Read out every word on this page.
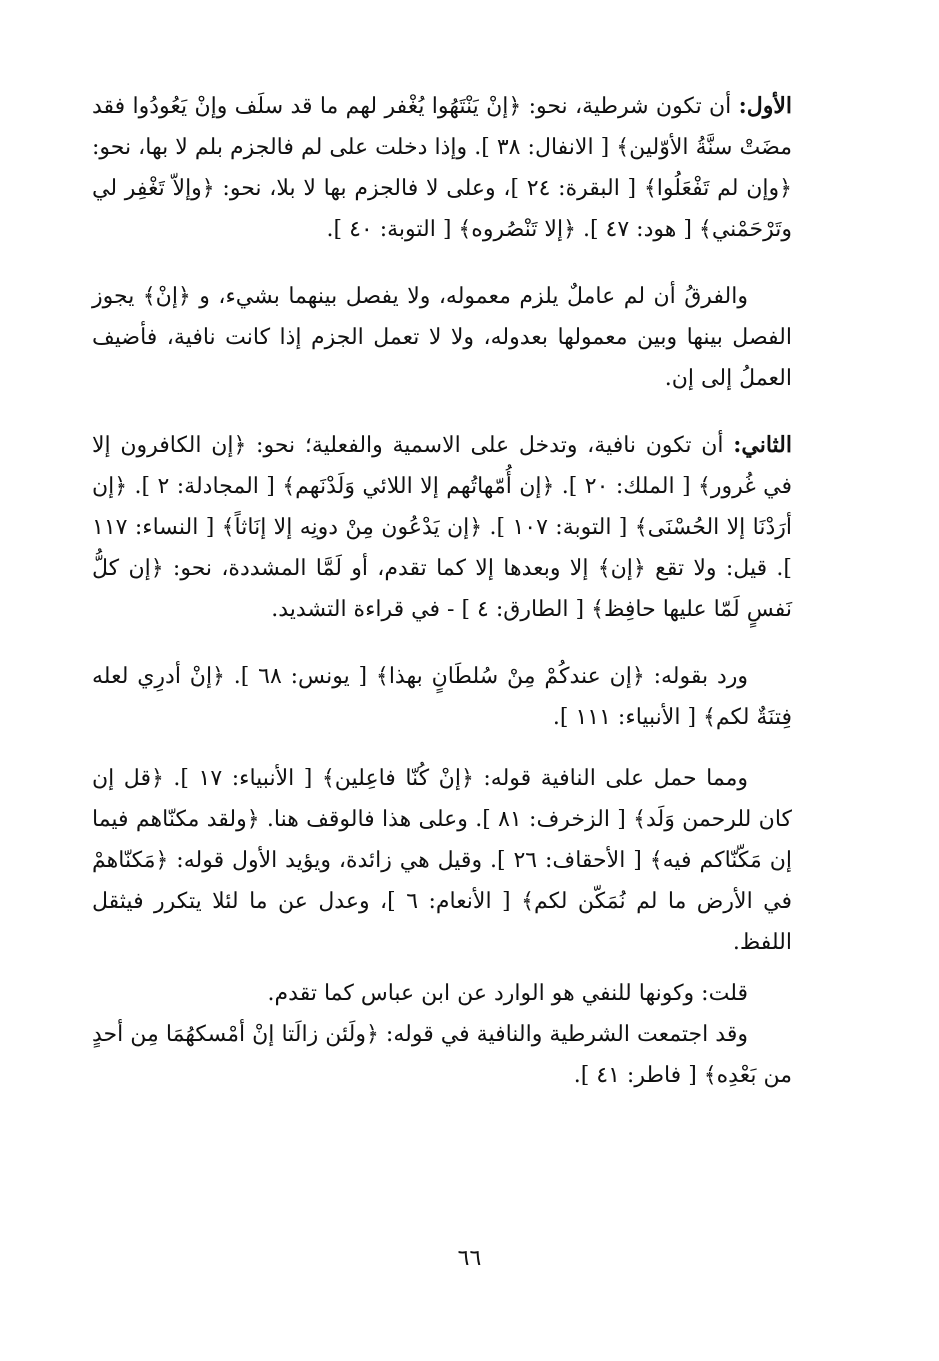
الأول: أن تكون شرطية، نحو: ﴿إنْ يَنْتَهُوا يُغْفر لهم ما قد سلَف وإنْ يَعُودُوا فقد مضَتْ سنَّةُ الأوّلين﴾ [ الانفال: ٣٨ ]. وإذا دخلت على لم فالجزم بلم لا بها، نحو: ﴿وإن لم تَفْعَلُوا﴾ [ البقرة: ٢٤ ]، وعلى لا فالجزم بها لا بلا، نحو: ﴿وإلاّ تَغْفِر لي وتَرْحَمْني﴾ [ هود: ٤٧ ]. ﴿إلا تَنْصُروه﴾ [ التوبة: ٤٠ ].

والفرقُ أن لم عاملٌ يلزم معموله، ولا يفصل بينهما بشيء، و ﴿إنْ﴾ يجوز الفصل بينها وبين معمولها بعدوله، ولا لا تعمل الجزم إذا كانت نافية، فأضيف العملُ إلى إن.

الثاني: أن تكون نافية، وتدخل على الاسمية والفعلية؛ نحو: ﴿إن الكافرون إلا في غُرور﴾ [ الملك: ٢٠ ]. ﴿إن أُمّهاتُهم إلا اللائي وَلَدْنَهم﴾ [ المجادلة: ٢ ]. ﴿إن أرَدْنَا إلا الحُسْنَى﴾ [ التوبة: ١٠٧ ]. ﴿إن يَدْعُون مِنْ دونِه إلا إنَاثاً﴾ [ النساء: ١١٧ ]. قيل: ولا تقع ﴿إن﴾ إلا وبعدها إلا كما تقدم، أو لَمَّا المشددة، نحو: ﴿إن كلُّ نَفسٍ لَمّا عليها حافِظ﴾ [ الطارق: ٤ ] - في قراءة التشديد.

ورد بقوله: ﴿إن عندكُمْ مِنْ سُلطَانٍ بهذا﴾ [ يونس: ٦٨ ]. ﴿إنْ أدرِي لعله فِتنَةٌ لكم﴾ [ الأنبياء: ١١١ ].

ومما حمل على النافية قوله: ﴿إنْ كُنّا فاعِلين﴾ [ الأنبياء: ١٧ ]. ﴿قل إن كان للرحمن وَلَد﴾ [ الزخرف: ٨١ ]. وعلى هذا فالوقف هنا. ﴿ولقد مكنّاهم فيما إن مَكّنّاكم فيه﴾ [ الأحقاف: ٢٦ ]. وقيل هي زائدة، ويؤيد الأول قوله: ﴿مَكنّاهمْ في الأرض ما لم نُمَكّن لكم﴾ [ الأنعام: ٦ ]، وعدل عن ما لئلا يتكرر فيثقل اللفظ.

قلت: وكونها للنفي هو الوارد عن ابن عباس كما تقدم.

وقد اجتمعت الشرطية والنافية في قوله: ﴿ولَئن زالَتا إنْ أمْسكهُمَا مِن أحدٍ من بَعْدِه﴾ [ فاطر: ٤١ ].

٦٦
